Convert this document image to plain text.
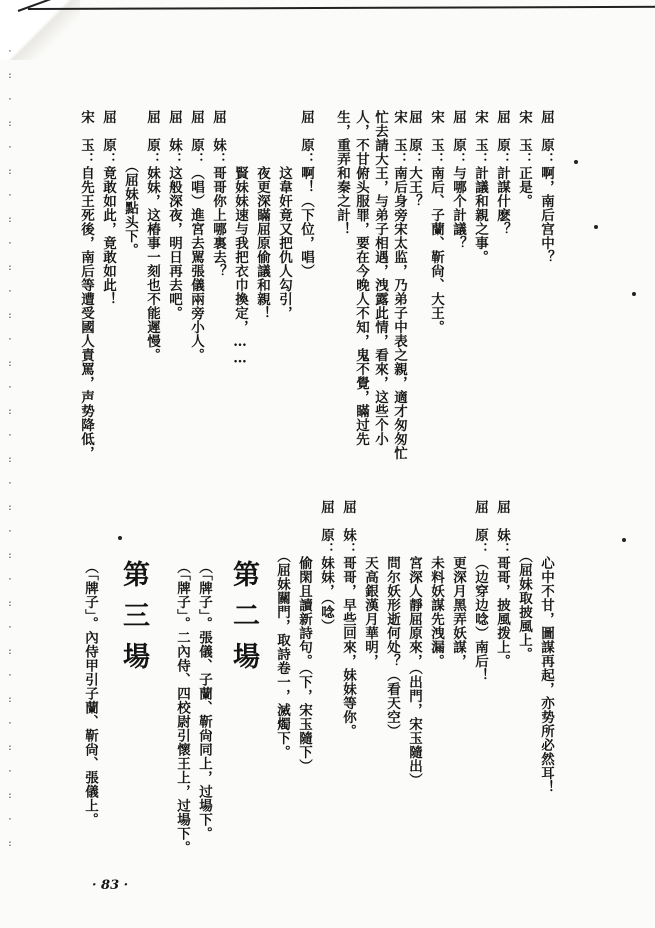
·
:
·
:
·
:
·
:
·
:
·
:
·
:
·
:
·
:
·
:
·
:
·
:
·
:
·
:
·
:
·
:
·
:
屈　原：啊，南后宫中？
宋　玉：正是。
屈　原：計謀什麽？
宋　玉：計議和親之事。
屈　原：与哪个計議？
宋　玉：南后、子蘭、靳尙、大王。
屈　原：大王？
宋　玉：南后身旁宋太监，乃弟子中表之親，適才匆匆忙忙去請大王，与弟子相遇，洩露此情，看來，这些个小人，不甘俯头服罪，要在今晚人不知，鬼不覺，瞞过先生，重弄和秦之計！
屈　原：啊！（下位，唱）
　　　　这韋奸竟又把仇人勾引，
　　　　夜更深瞞屈原偷議和親！
　　　　賢妹妹速与我把衣巾換定，……
屈　妹：哥哥你上哪裏去？
屈　原：（唱）進宮去駡張儀兩旁小人。
屈　妹：这般深夜，明日再去吧。
屈　原：妹妹，这椿事一刻也不能遲慢。
　　　　（屈妹點头下。
屈　原：竟敢如此，竟敢如此！
宋　玉：自先王死後，南后等遭受國人責罵，声势降低，
　　　　心中不甘，圖謀再起，亦势所必然耳！
　　　　（屈妹取披風上。
屈　妹：哥哥，披風拨上。
屈　原：（边穿边唸）南后！
　　　　更深月黑弄妖謀，
　　　　未料妖謀先洩漏。
　　　　宮深人靜屈原來，（出門，宋玉隨出）
　　　　問尔妖形逝何处？（看天空）
　　　　天高銀漢月華明，
屈　妹：哥哥，早些回來，妹妹等你。
屈　原：妹妹，（唸）
　　　　偷閑且讀新詩句。（下，宋玉隨下）
　　　　（屈妹關門，取詩卷一，滅燭下。
第二場
（「牌子」。張儀、子蘭、靳尙同上，过場下。
（「牌子」。二內侍、四校尉引懷王上，过場下。
第三場
（「牌子」。內侍甲引子蘭、靳尙、張儀上。
· 83 ·
